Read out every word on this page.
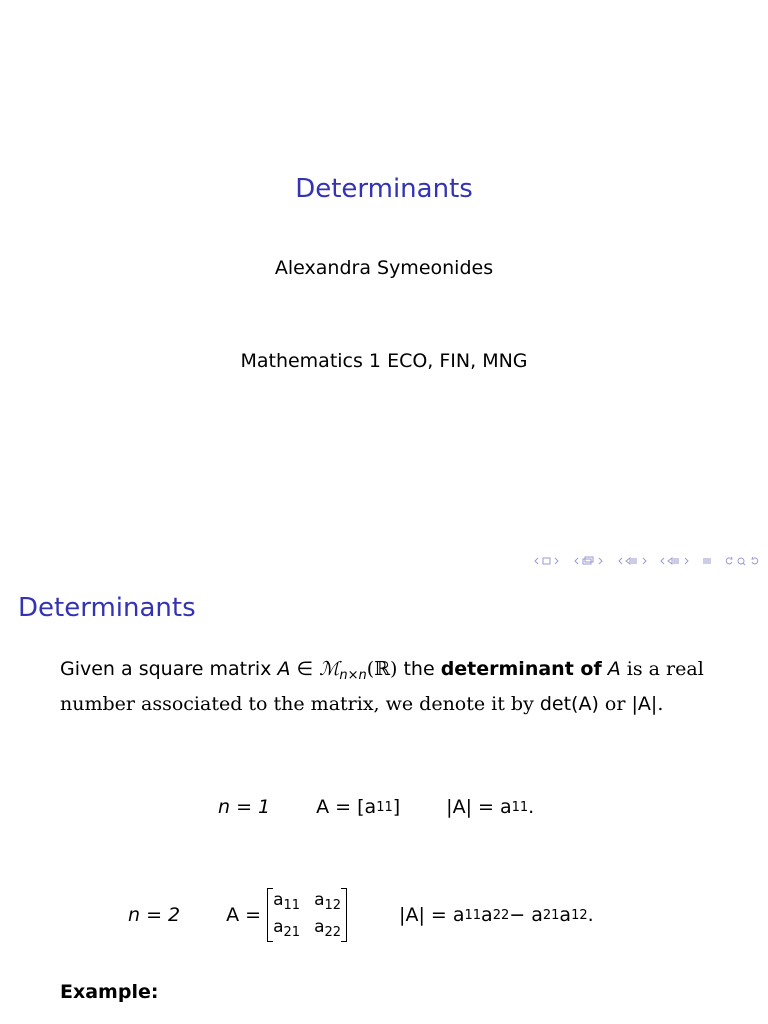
Determinants
Alexandra Symeonides
Mathematics 1 ECO, FIN, MNG
Determinants
Given a square matrix A ∈ ℳ$_{n\times n}$(ℝ) the determinant of A is a real number associated to the matrix, we denote it by det(A) or |A|.
n = 1 A = [a 11 ] |A| = a 11 .
n = 2 A =
$a_{11}$ $a_{12}$
$a_{21}$ $a_{22}$
|A| = a 11 a 22 − a 21 a 12 .
Example:
